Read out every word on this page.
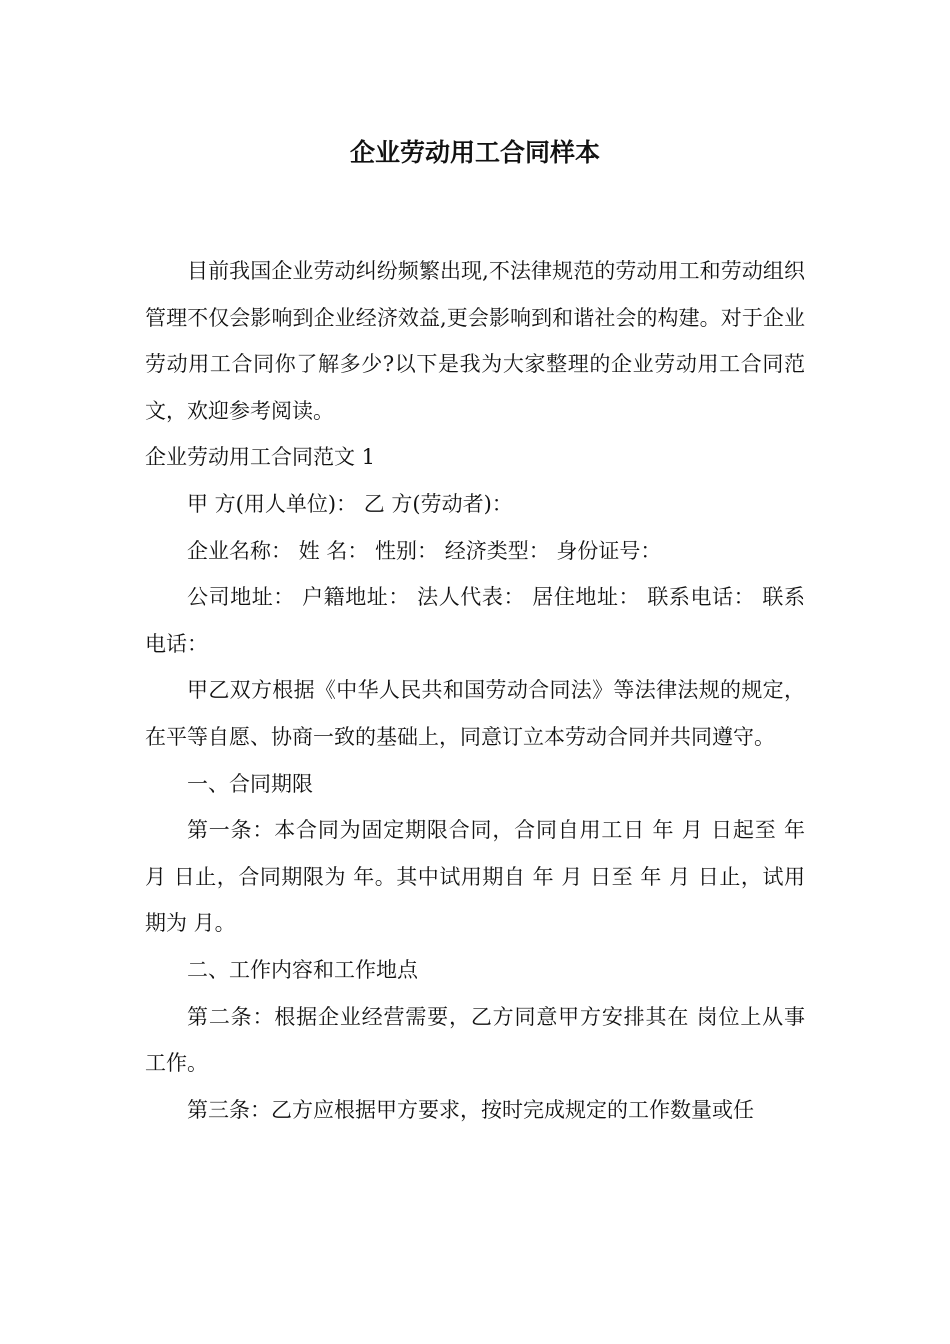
企业劳动用工合同样本

目前我国企业劳动纠纷频繁出现,不法律规范的劳动用工和劳动组织管理不仅会影响到企业经济效益,更会影响到和谐社会的构建。对于企业劳动用工合同你了解多少?以下是我为大家整理的企业劳动用工合同范文，欢迎参考阅读。

企业劳动用工合同范文 1

甲 方(用人单位)： 乙 方(劳动者)：

企业名称： 姓 名： 性别： 经济类型： 身份证号：

公司地址： 户籍地址： 法人代表： 居住地址： 联系电话： 联系电话：

甲乙双方根据《中华人民共和国劳动合同法》等法律法规的规定，在平等自愿、协商一致的基础上，同意订立本劳动合同并共同遵守。

一、合同期限

第一条：本合同为固定期限合同，合同自用工日 年 月 日起至 年 月 日止，合同期限为 年。其中试用期自 年 月 日至 年 月 日止，试用期为 月。

二、工作内容和工作地点

第二条：根据企业经营需要，乙方同意甲方安排其在 岗位上从事 工作。

第三条：乙方应根据甲方要求，按时完成规定的工作数量或任
